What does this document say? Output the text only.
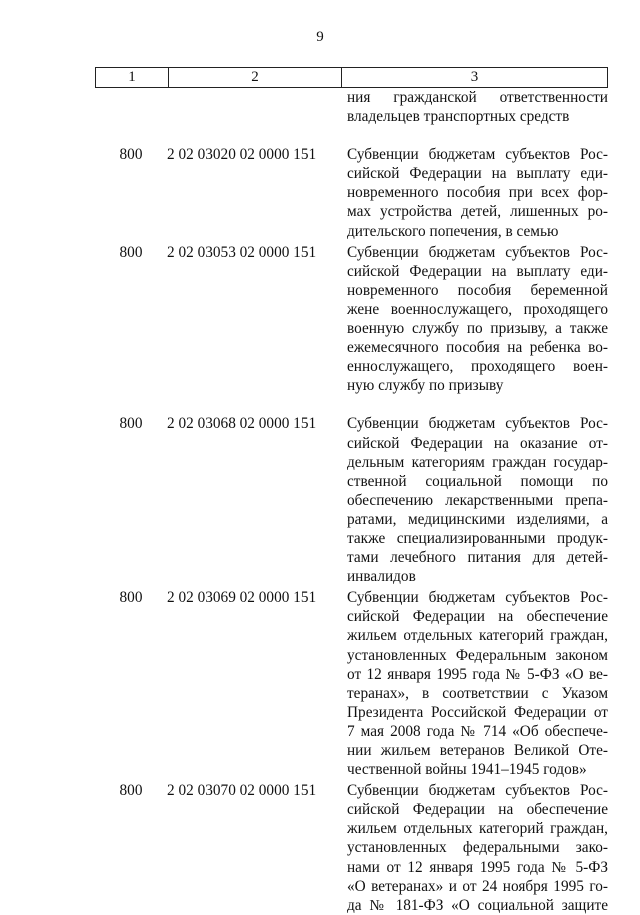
9
1	2	3
ния гражданской ответственности
владельцев транспортных средств
800	2 02 03020 02 0000 151	Субвенции бюджетам субъектов Рос-
сийской Федерации на выплату еди-
новременного пособия при всех фор-
мах устройства детей, лишенных ро-
дительского попечения, в семью
800	2 02 03053 02 0000 151	Субвенции бюджетам субъектов Рос-
сийской Федерации на выплату еди-
новременного пособия беременной
жене военнослужащего, проходящего
военную службу по призыву, а также
ежемесячного пособия на ребенка во-
еннослужащего, проходящего воен-
ную службу по призыву
800	2 02 03068 02 0000 151	Субвенции бюджетам субъектов Рос-
сийской Федерации на оказание от-
дельным категориям граждан государ-
ственной социальной помощи по
обеспечению лекарственными препа-
ратами, медицинскими изделиями, а
также специализированными продук-
тами лечебного питания для детей-
инвалидов
800	2 02 03069 02 0000 151	Субвенции бюджетам субъектов Рос-
сийской Федерации на обеспечение
жильем отдельных категорий граждан,
установленных Федеральным законом
от 12 января 1995 года № 5-ФЗ «О ве-
теранах», в соответствии с Указом
Президента Российской Федерации от
7 мая 2008 года № 714 «Об обеспече-
нии жильем ветеранов Великой Оте-
чественной войны 1941–1945 годов»
800	2 02 03070 02 0000 151	Субвенции бюджетам субъектов Рос-
сийской Федерации на обеспечение
жильем отдельных категорий граждан,
установленных федеральными зако-
нами от 12 января 1995 года № 5-ФЗ
«О ветеранах» и от 24 ноября 1995 го-
да № 181-ФЗ «О социальной защите
